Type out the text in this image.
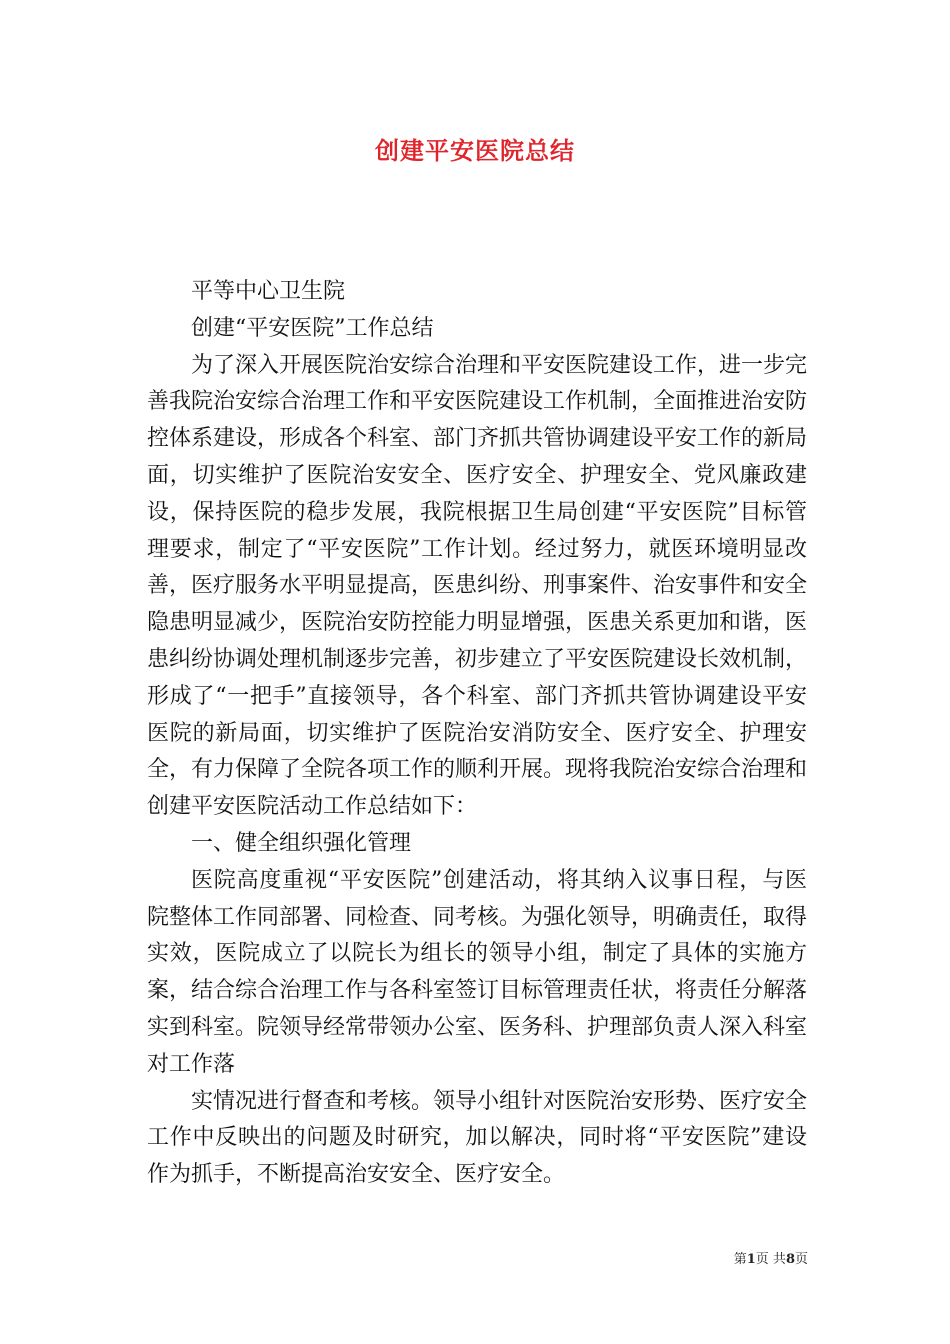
创建平安医院总结

平等中心卫生院

创建“平安医院”工作总结

为了深入开展医院治安综合治理和平安医院建设工作，进一步完善我院治安综合治理工作和平安医院建设工作机制，全面推进治安防控体系建设，形成各个科室、部门齐抓共管协调建设平安工作的新局面，切实维护了医院治安安全、医疗安全、护理安全、党风廉政建设，保持医院的稳步发展，我院根据卫生局创建“平安医院”目标管理要求，制定了“平安医院”工作计划。经过努力，就医环境明显改善，医疗服务水平明显提高，医患纠纷、刑事案件、治安事件和安全隐患明显减少，医院治安防控能力明显增强，医患关系更加和谐，医患纠纷协调处理机制逐步完善，初步建立了平安医院建设长效机制，形成了“一把手”直接领导，各个科室、部门齐抓共管协调建设平安医院的新局面，切实维护了医院治安消防安全、医疗安全、护理安全，有力保障了全院各项工作的顺利开展。现将我院治安综合治理和创建平安医院活动工作总结如下：

一、健全组织强化管理

医院高度重视“平安医院”创建活动，将其纳入议事日程，与医院整体工作同部署、同检查、同考核。为强化领导，明确责任，取得实效，医院成立了以院长为组长的领导小组，制定了具体的实施方案，结合综合治理工作与各科室签订目标管理责任状，将责任分解落实到科室。院领导经常带领办公室、医务科、护理部负责人深入科室对工作落

实情况进行督查和考核。领导小组针对医院治安形势、医疗安全工作中反映出的问题及时研究，加以解决，同时将“平安医院”建设作为抓手，不断提高治安安全、医疗安全。

第1页 共8页
